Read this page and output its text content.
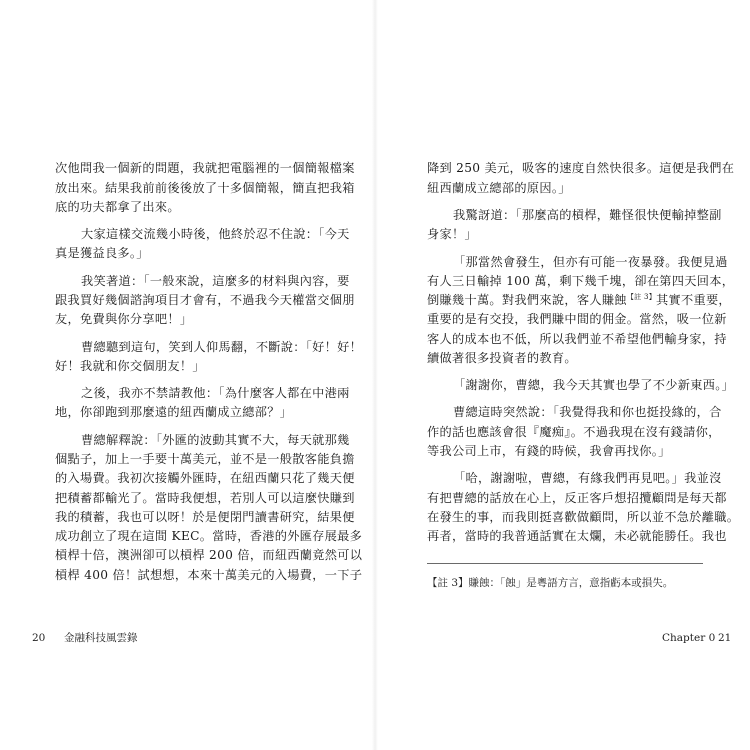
次他問我一個新的問題，我就把電腦裡的一個簡報檔案
放出來。結果我前前後後放了十多個簡報，簡直把我箱
底的功夫都拿了出來。
大家這樣交流幾小時後，他終於忍不住說：「今天
真是獲益良多。」
我笑著道：「一般來說，這麼多的材料與內容，要
跟我買好幾個諮詢項目才會有，不過我今天權當交個朋
友，免費與你分享吧！」
曹總聽到這句，笑到人仰馬翻，不斷說：「好！好！
好！我就和你交個朋友！」
之後，我亦不禁請教他：「為什麼客人都在中港兩
地，你卻跑到那麼遠的紐西蘭成立總部？」
曹總解釋說：「外匯的波動其實不大，每天就那幾
個點子，加上一手要十萬美元，並不是一般散客能負擔
的入場費。我初次接觸外匯時，在紐西蘭只花了幾天便
把積蓄都輸光了。當時我便想，若別人可以這麼快賺到
我的積蓄，我也可以呀！於是便閉門讀書研究，結果便
成功創立了現在這間 KEC。當時，香港的外匯存展最多
槓桿十倍，澳洲卻可以槓桿 200 倍，而紐西蘭竟然可以
槓桿 400 倍！試想想，本來十萬美元的入場費，一下子
20 金融科技風雲錄
降到 250 美元，吸客的速度自然快很多。這便是我們在
紐西蘭成立總部的原因。」
我驚訝道：「那麼高的槓桿，難怪很快便輸掉整副
身家！」
「那當然會發生，但亦有可能一夜暴發。我便見過
有人三日輸掉 100 萬，剩下幾千塊，卻在第四天回本，
倒賺幾十萬。對我們來說，客人賺蝕$^{【註 3】}$其實不重要，
重要的是有交投，我們賺中間的佣金。當然，吸一位新
客人的成本也不低，所以我們並不希望他們輸身家，持
續做著很多投資者的教育。
「謝謝你，曹總，我今天其實也學了不少新東西。」
曹總這時突然說：「我覺得我和你也挺投緣的，合
作的話也應該會很『魔痴』。不過我現在沒有錢請你，
等我公司上市，有錢的時候，我會再找你。」
「哈，謝謝啦，曹總，有緣我們再見吧。」我並沒
有把曹總的話放在心上，反正客戶想招攬顧問是每天都
在發生的事，而我則挺喜歡做顧問，所以並不急於離職。
再者，當時的我普通話實在太爛，未必就能勝任。我也
【註 3】賺蝕：「蝕」是粵語方言，意指虧本或損失。
Chapter 0 21
